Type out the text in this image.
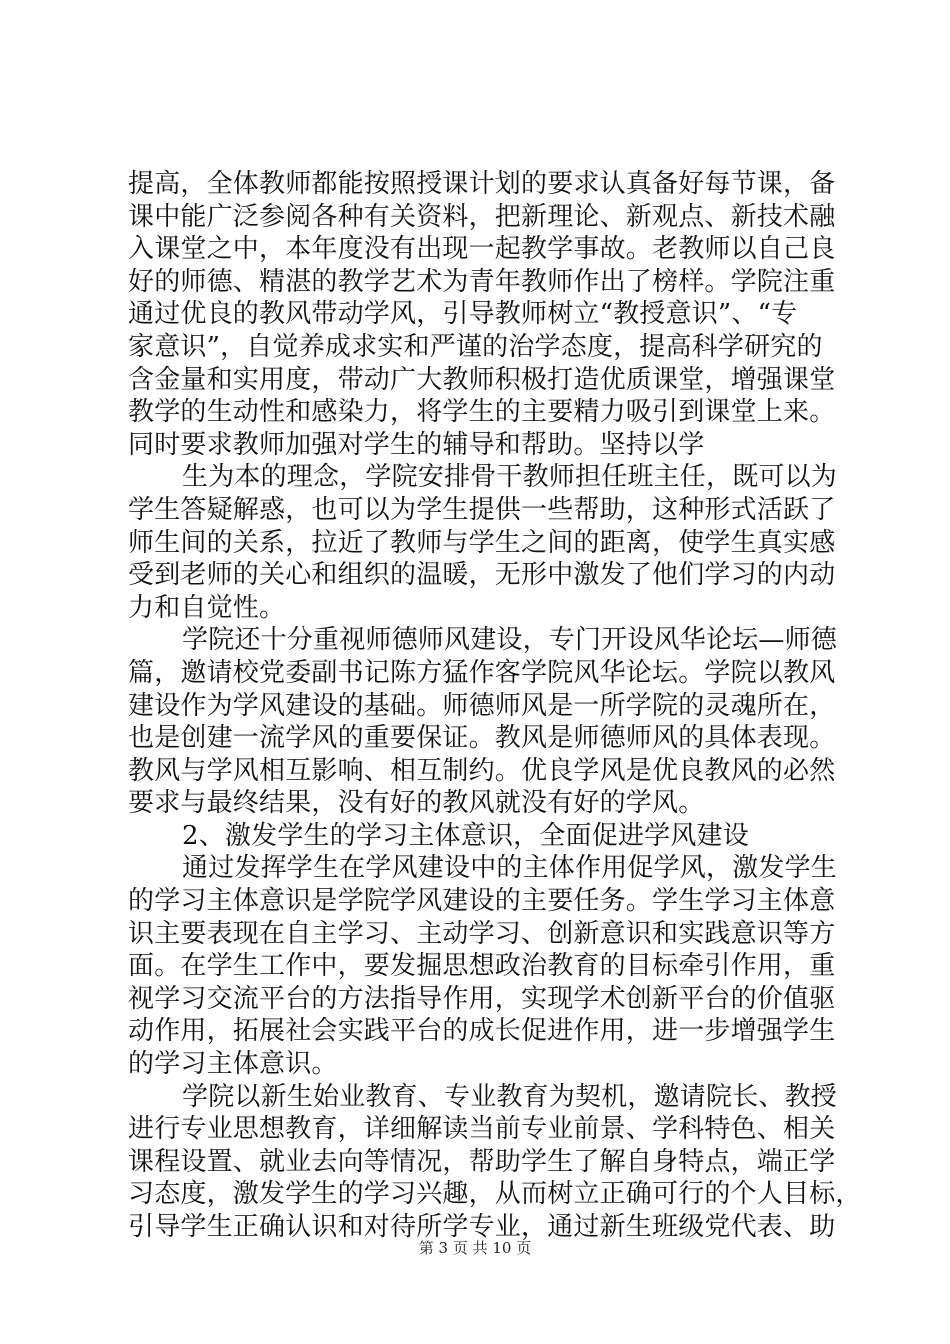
提高，全体教师都能按照授课计划的要求认真备好每节课，备
课中能广泛参阅各种有关资料，把新理论、新观点、新技术融
入课堂之中，本年度没有出现一起教学事故。老教师以自己良
好的师德、精湛的教学艺术为青年教师作出了榜样。学院注重
通过优良的教风带动学风，引导教师树立“教授意识”、“专
家意识”，自觉养成求实和严谨的治学态度，提高科学研究的
含金量和实用度，带动广大教师积极打造优质课堂，增强课堂
教学的生动性和感染力，将学生的主要精力吸引到课堂上来。
同时要求教师加强对学生的辅导和帮助。坚持以学
生为本的理念，学院安排骨干教师担任班主任，既可以为
学生答疑解惑，也可以为学生提供一些帮助，这种形式活跃了
师生间的关系，拉近了教师与学生之间的距离，使学生真实感
受到老师的关心和组织的温暖，无形中激发了他们学习的内动
力和自觉性。
学院还十分重视师德师风建设，专门开设风华论坛—师德
篇，邀请校党委副书记陈方猛作客学院风华论坛。学院以教风
建设作为学风建设的基础。师德师风是一所学院的灵魂所在，
也是创建一流学风的重要保证。教风是师德师风的具体表现。
教风与学风相互影响、相互制约。优良学风是优良教风的必然
要求与最终结果，没有好的教风就没有好的学风。
2、激发学生的学习主体意识，全面促进学风建设
通过发挥学生在学风建设中的主体作用促学风，激发学生
的学习主体意识是学院学风建设的主要任务。学生学习主体意
识主要表现在自主学习、主动学习、创新意识和实践意识等方
面。在学生工作中，要发掘思想政治教育的目标牵引作用，重
视学习交流平台的方法指导作用，实现学术创新平台的价值驱
动作用，拓展社会实践平台的成长促进作用，进一步增强学生
的学习主体意识。
学院以新生始业教育、专业教育为契机，邀请院长、教授
进行专业思想教育，详细解读当前专业前景、学科特色、相关
课程设置、就业去向等情况，帮助学生了解自身特点，端正学
习态度，激发学生的学习兴趣，从而树立正确可行的个人目标，
引导学生正确认识和对待所学专业，通过新生班级党代表、助
第 3 页 共 10 页
